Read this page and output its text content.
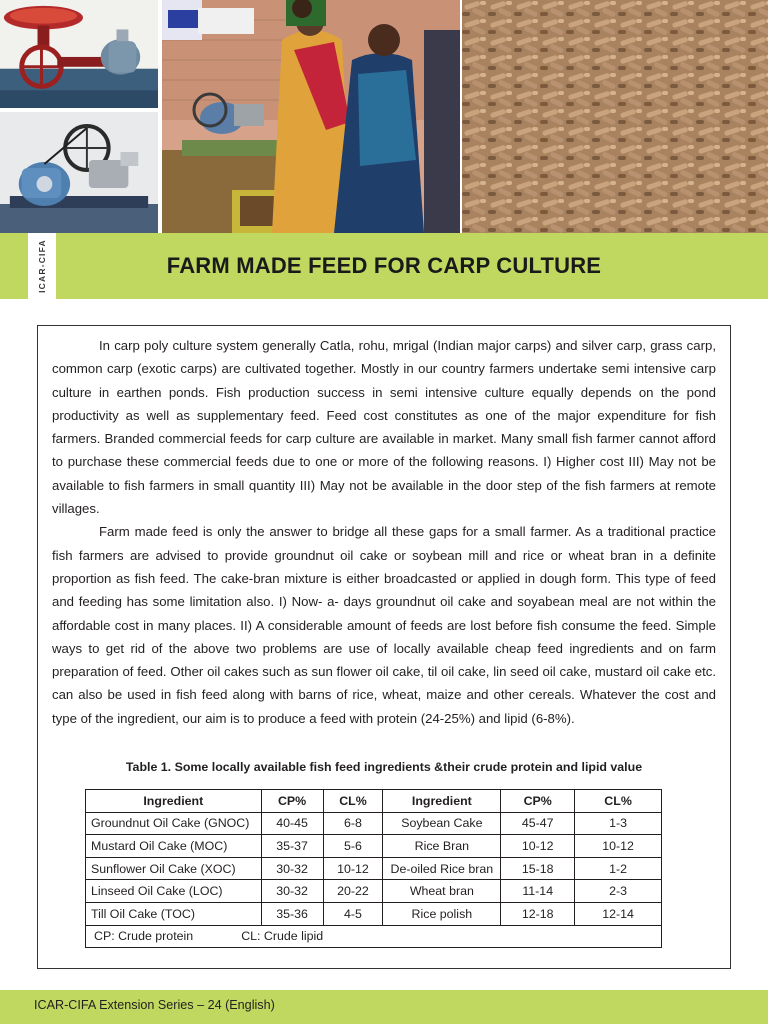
ICAR-CIFA	FARM MADE FEED FOR CARP CULTURE

In carp poly culture system generally Catla, rohu, mrigal (Indian major carps) and silver carp, grass carp, common carp (exotic carps) are cultivated together. Mostly in our country farmers undertake semi intensive carp culture in earthen ponds. Fish production success in semi intensive culture equally depends on the pond productivity as well as supplementary feed. Feed cost constitutes as one of the major expenditure for fish farmers. Branded commercial feeds for carp culture are available in market. Many small fish farmer cannot afford to purchase these commercial feeds due to one or more of the following reasons. I) Higher cost III) May not be available to fish farmers in small quantity III) May not be available in the door step of the fish farmers at remote villages.

Farm made feed is only the answer to bridge all these gaps for a small farmer. As a traditional practice fish farmers are advised to provide groundnut oil cake or soybean mill and rice or wheat bran in a definite proportion as fish feed. The cake-bran mixture is either broadcasted or applied in dough form. This type of feed and feeding has some limitation also. I) Now- a- days groundnut oil cake and soyabean meal are not within the affordable cost in many places. II) A considerable amount of feeds are lost before fish consume the feed. Simple ways to get rid of the above two problems are use of locally available cheap feed ingredients and on farm preparation of feed. Other oil cakes such as sun flower oil cake, til oil cake, lin seed oil cake, mustard oil cake etc. can also be used in fish feed along with barns of rice, wheat, maize and other cereals. Whatever the cost and type of the ingredient, our aim is to produce a feed with protein (24-25%) and lipid (6-8%).

Table 1. Some locally available fish feed ingredients &their crude protein and lipid value
Ingredient	CP%	CL%	Ingredient	CP%	CL%
Groundnut Oil Cake (GNOC)	40-45	6-8	Soybean Cake	45-47	1-3
Mustard Oil Cake (MOC)	35-37	5-6	Rice Bran	10-12	10-12
Sunflower Oil Cake (XOC)	30-32	10-12	De-oiled Rice bran	15-18	1-2
Linseed Oil Cake (LOC)	30-32	20-22	Wheat bran	11-14	2-3
Till Oil Cake (TOC)	35-36	4-5	Rice polish	12-18	12-14
CP: Crude protein CL: Crude lipid					
ICAR-CIFA Extension Series – 24 (English)
